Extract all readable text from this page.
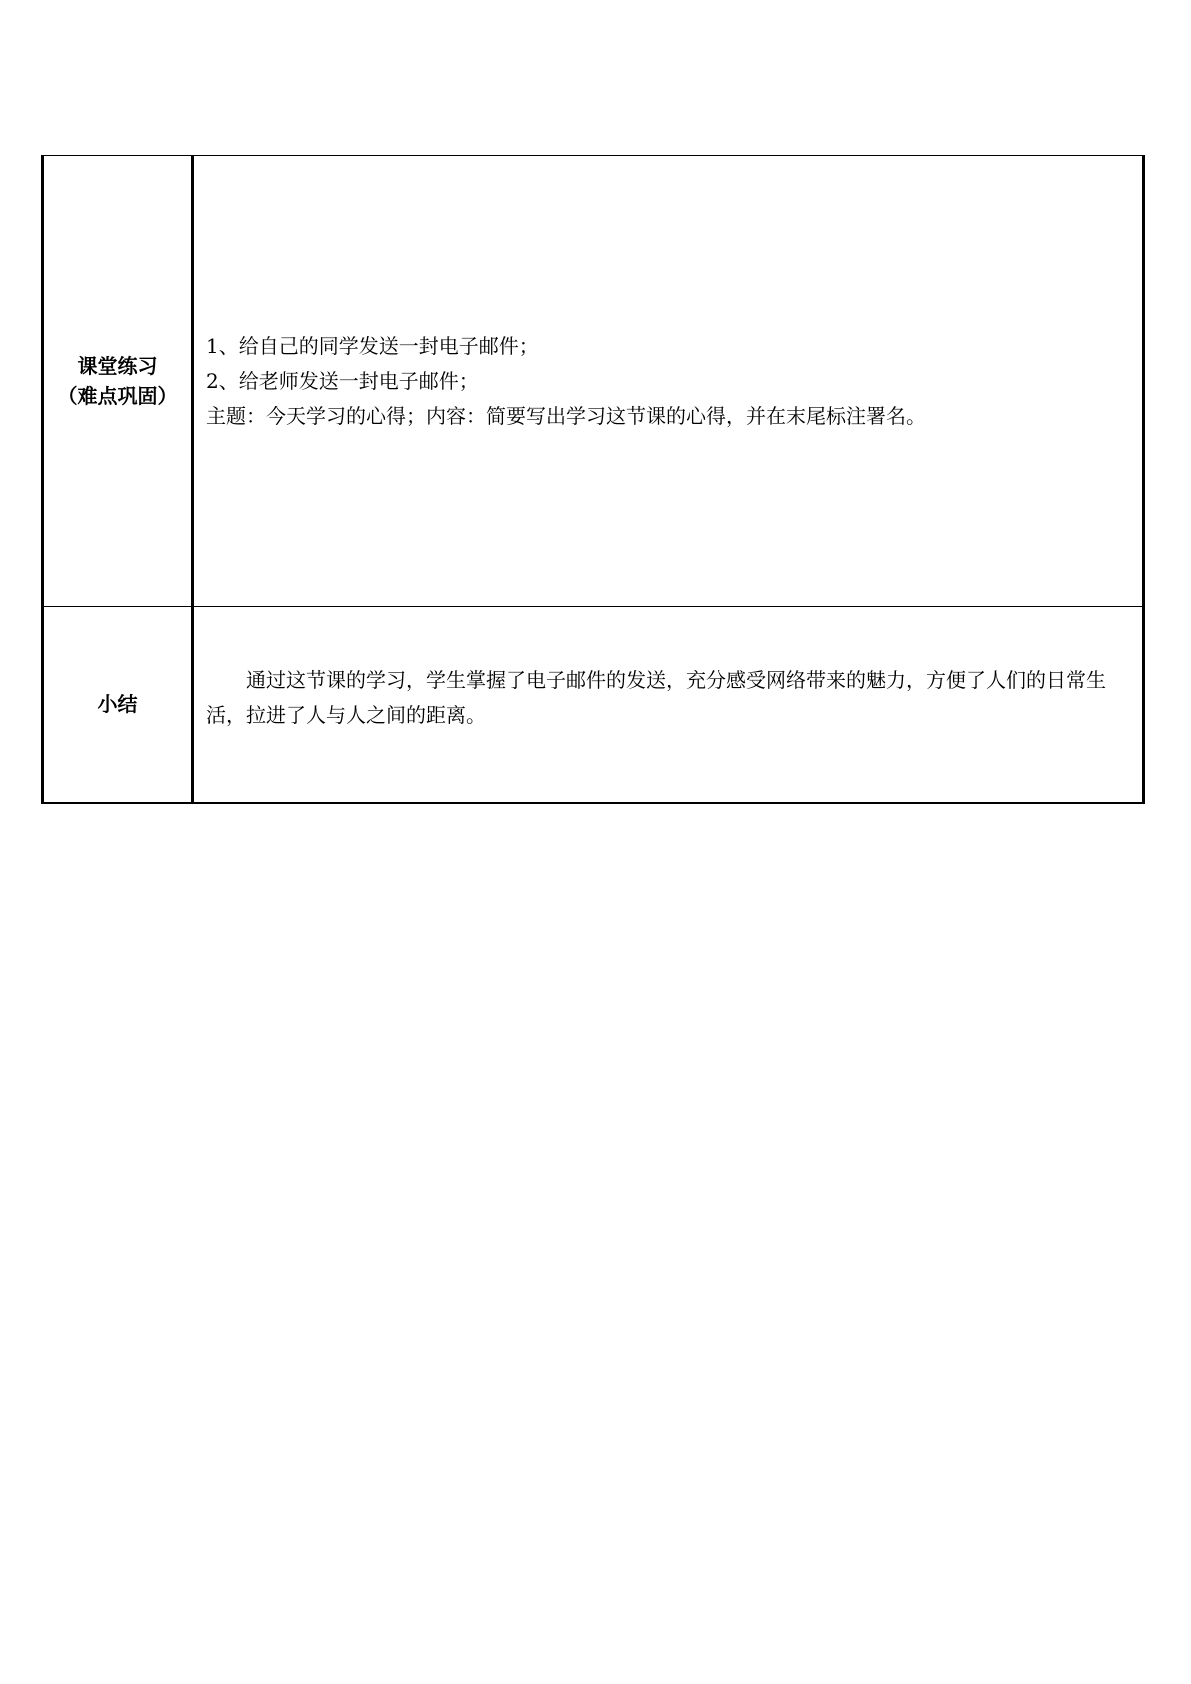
课堂练习
（难点巩固）	1、给自己的同学发送一封电子邮件；
2、给老师发送一封电子邮件；
主题：今天学习的心得；内容：简要写出学习这节课的心得，并在末尾标注署名。

小结	通过这节课的学习，学生掌握了电子邮件的发送，充分感受网络带来的魅力，方便了人们的日常生活，拉进了人与人之间的距离。
